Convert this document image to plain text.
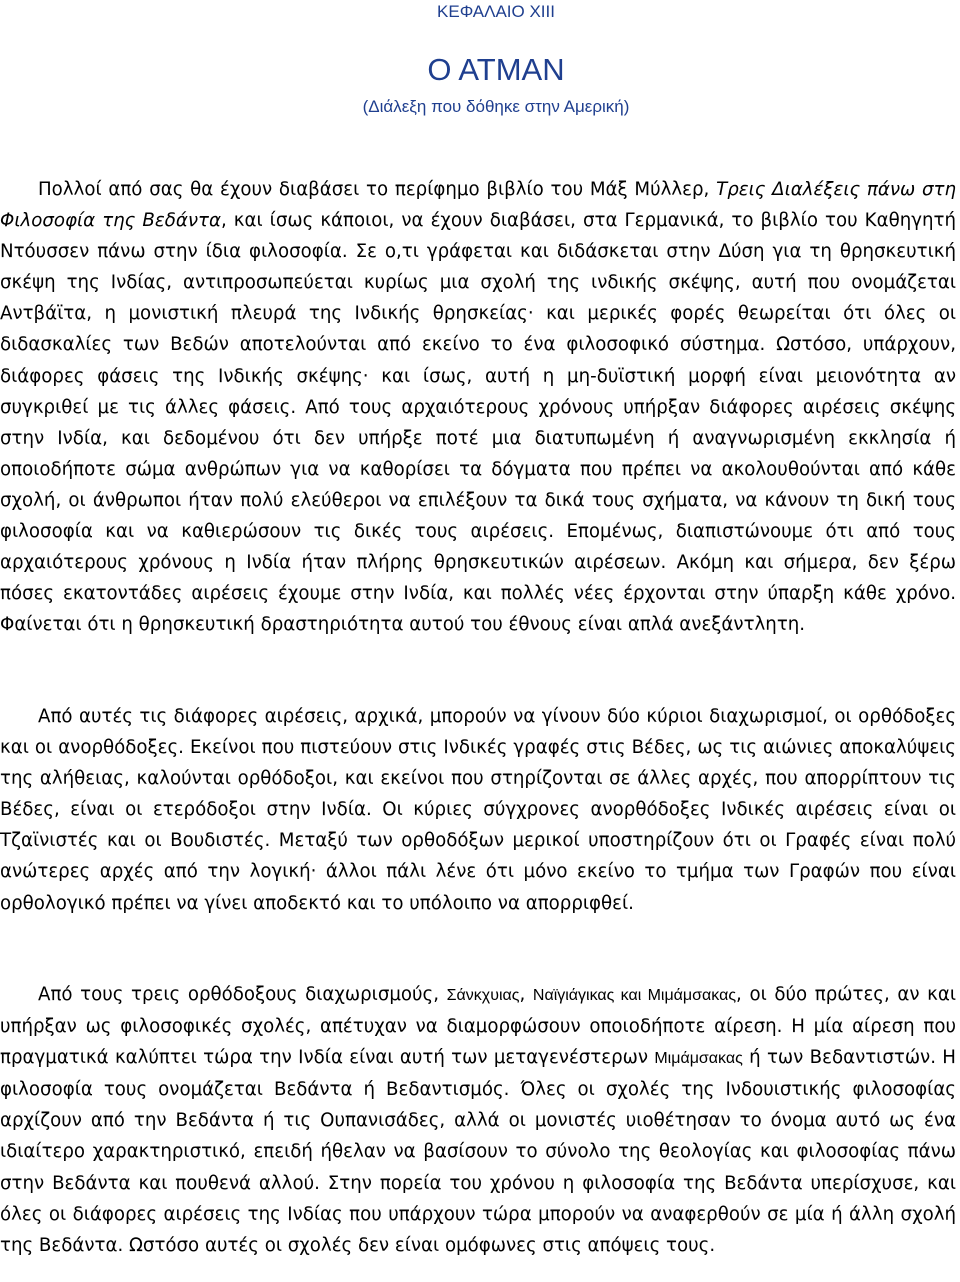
ΚΕΦΑΛΑΙΟ XIII
Ο ΑΤΜΑΝ
(Διάλεξη που δόθηκε στην Αμερική)

Πολλοί από σας θα έχουν διαβάσει το περίφημο βιβλίο του Μάξ Μύλλερ, Τρεις Διαλέξεις πάνω στη Φιλοσοφία της Βεδάντα, και ίσως κάποιοι, να έχουν διαβάσει, στα Γερμανικά, το βιβλίο του Καθηγητή Ντόυσσεν πάνω στην ίδια φιλοσοφία. Σε ο,τι γράφεται και διδάσκεται στην Δύση για τη θρησκευτική σκέψη της Ινδίας, αντιπροσωπεύεται κυρίως μια σχολή της ινδικής σκέψης, αυτή που ονομάζεται Αντβάϊτα, η μονιστική πλευρά της Ινδικής θρησκείας· και μερικές φορές θεωρείται ότι όλες οι διδασκαλίες των Βεδών αποτελούνται από εκείνο το ένα φιλοσοφικό σύστημα. Ωστόσο, υπάρχουν, διάφορες φάσεις της Ινδικής σκέψης· και ίσως, αυτή η μη-δυϊστική μορφή είναι μειονότητα αν συγκριθεί με τις άλλες φάσεις. Από τους αρχαιότερους χρόνους υπήρξαν διάφορες αιρέσεις σκέψης στην Ινδία, και δεδομένου ότι δεν υπήρξε ποτέ μια διατυπωμένη ή αναγνωρισμένη εκκλησία ή οποιοδήποτε σώμα ανθρώπων για να καθορίσει τα δόγματα που πρέπει να ακολουθούνται από κάθε σχολή, οι άνθρωποι ήταν πολύ ελεύθεροι να επιλέξουν τα δικά τους σχήματα, να κάνουν τη δική τους φιλοσοφία και να καθιερώσουν τις δικές τους αιρέσεις. Επομένως, διαπιστώνουμε ότι από τους αρχαιότερους χρόνους η Ινδία ήταν πλήρης θρησκευτικών αιρέσεων. Ακόμη και σήμερα, δεν ξέρω πόσες εκατοντάδες αιρέσεις έχουμε στην Ινδία, και πολλές νέες έρχονται στην ύπαρξη κάθε χρόνο. Φαίνεται ότι η θρησκευτική δραστηριότητα αυτού του έθνους είναι απλά ανεξάντλητη.

Από αυτές τις διάφορες αιρέσεις, αρχικά, μπορούν να γίνουν δύο κύριοι διαχωρισμοί, οι ορθόδοξες και οι ανορθόδοξες. Εκείνοι που πιστεύουν στις Ινδικές γραφές στις Βέδες, ως τις αιώνιες αποκαλύψεις της αλήθειας, καλούνται ορθόδοξοι, και εκείνοι που στηρίζονται σε άλλες αρχές, που απορρίπτουν τις Βέδες, είναι οι ετερόδοξοι στην Ινδία. Οι κύριες σύγχρονες ανορθόδοξες Ινδικές αιρέσεις είναι οι Τζαϊνιστές και οι Βουδιστές. Μεταξύ των ορθοδόξων μερικοί υποστηρίζουν ότι οι Γραφές είναι πολύ ανώτερες αρχές από την λογική· άλλοι πάλι λένε ότι μόνο εκείνο το τμήμα των Γραφών που είναι ορθολογικό πρέπει να γίνει αποδεκτό και το υπόλοιπο να απορριφθεί.

Από τους τρεις ορθόδοξους διαχωρισμούς, Σάνκχυιας, Ναϊγιάγικας και Μιμάμσακας, οι δύο πρώτες, αν και υπήρξαν ως φιλοσοφικές σχολές, απέτυχαν να διαμορφώσουν οποιοδήποτε αίρεση. Η μία αίρεση που πραγματικά καλύπτει τώρα την Ινδία είναι αυτή των μεταγενέστερων Μιμάμσακας ή των Βεδαντιστών. Η φιλοσοφία τους ονομάζεται Βεδάντα ή Βεδαντισμός. Όλες οι σχολές της Ινδουιστικής φιλοσοφίας αρχίζουν από την Βεδάντα ή τις Ουπανισάδες, αλλά οι μονιστές υιοθέτησαν το όνομα αυτό ως ένα ιδιαίτερο χαρακτηριστικό, επειδή ήθελαν να βασίσουν το σύνολο της θεολογίας και φιλοσοφίας πάνω στην Βεδάντα και πουθενά αλλού. Στην πορεία του χρόνου η φιλοσοφία της Βεδάντα υπερίσχυσε, και όλες οι διάφορες αιρέσεις της Ινδίας που υπάρχουν τώρα μπορούν να αναφερθούν σε μία ή άλλη σχολή της Βεδάντα. Ωστόσο αυτές οι σχολές δεν είναι ομόφωνες στις απόψεις τους.
